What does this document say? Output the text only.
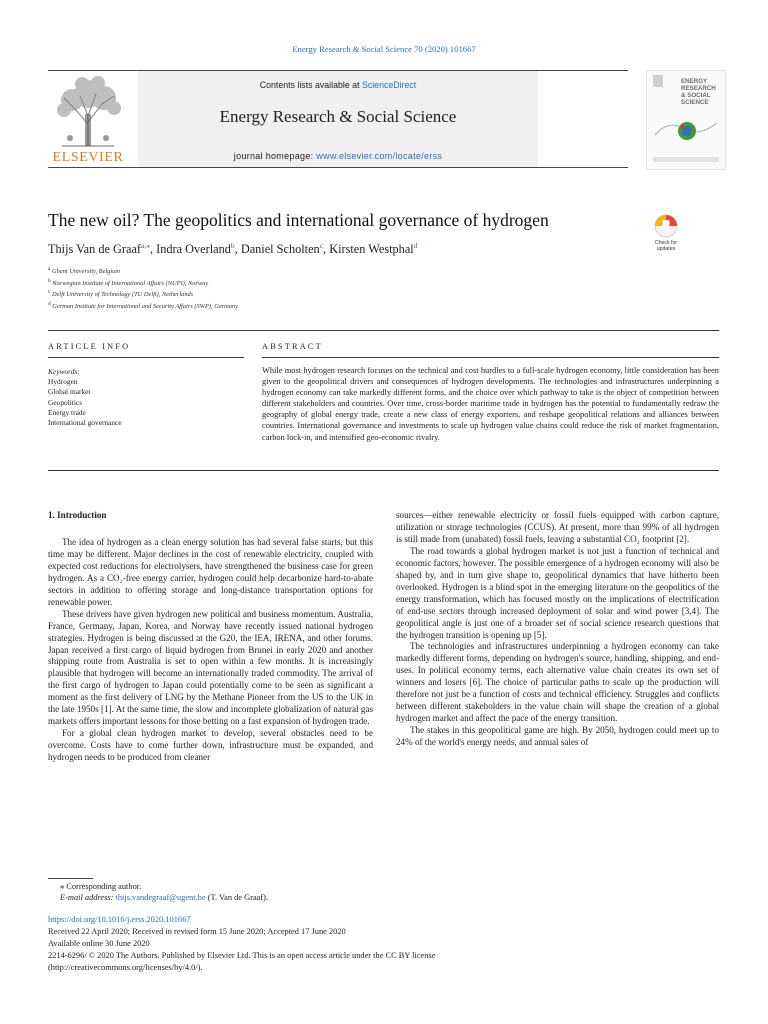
Energy Research & Social Science 70 (2020) 101667
ELSEVIER
Contents lists available at ScienceDirect
Energy Research & Social Science
journal homepage: www.elsevier.com/locate/erss
ENERGY
RESEARCH
& SOCIAL
SCIENCE
The new oil? The geopolitics and international governance of hydrogen
Check for
updates
Thijs Van de Graaf$^{a,⁎}$, Indra Overland$^b$, Daniel Scholten$^c$, Kirsten Westphal$^d$
$^a$ Ghent University, Belgium
$^b$ Norwegian Institute of International Affairs (NUPI), Norway
$^c$ Delft University of Technology (TU Delft), Netherlands
$^d$ German Institute for International and Security Affairs (SWP), Germany
ARTICLE INFO	ABSTRACT
Keywords:
Hydrogen
Global market
Geopolitics
Energy trade
International governance
While most hydrogen research focuses on the technical and cost hurdles to a full-scale hydrogen economy, little consideration has been given to the geopolitical drivers and consequences of hydrogen developments. The technologies and infrastructures underpinning a hydrogen economy can take markedly different forms, and the choice over which pathway to take is the object of competition between different stakeholders and countries. Over time, cross-border maritime trade in hydrogen has the potential to fundamentally redraw the geography of global energy trade, create a new class of energy exporters, and reshape geopolitical relations and alliances between countries. International governance and investments to scale up hydrogen value chains could reduce the risk of market fragmentation, carbon lock-in, and intensified geo-economic rivalry.

1. Introduction

The idea of hydrogen as a clean energy solution has had several false starts, but this time may be different. Major declines in the cost of renewable electricity, coupled with expected cost reductions for electrolysers, have strengthened the business case for green hydrogen. As a CO₂-free energy carrier, hydrogen could help decarbonize hard-to-abate sectors in addition to offering storage and long-distance transportation options for renewable power.

These drivers have given hydrogen new political and business momentum. Australia, France, Germany, Japan, Korea, and Norway have recently issued national hydrogen strategies. Hydrogen is being discussed at the G20, the IEA, IRENA, and other forums. Japan received a first cargo of liquid hydrogen from Brunei in early 2020 and another shipping route from Australia is set to open within a few months. It is increasingly plausible that hydrogen will become an internationally traded commodity. The arrival of the first cargo of hydrogen to Japan could potentially come to be seen as significant a moment as the first delivery of LNG by the Methane Pioneer from the US to the UK in the late 1950s [1]. At the same time, the slow and incomplete globalization of natural gas markets offers important lessons for those betting on a fast expansion of hydrogen trade.

For a global clean hydrogen market to develop, several obstacles need to be overcome. Costs have to come further down, infrastructure must be expanded, and hydrogen needs to be produced from cleaner

sources—either renewable electricity or fossil fuels equipped with carbon capture, utilization or storage technologies (CCUS). At present, more than 99% of all hydrogen is still made from (unabated) fossil fuels, leaving a substantial CO₂ footprint [2].

The road towards a global hydrogen market is not just a function of technical and economic factors, however. The possible emergence of a hydrogen economy will also be shaped by, and in turn give shape to, geopolitical dynamics that have hitherto been overlooked. Hydrogen is a blind spot in the emerging literature on the geopolitics of the energy transformation, which has focused mostly on the implications of electrification of end-use sectors through increased deployment of solar and wind power [3,4]. The geopolitical angle is just one of a broader set of social science research questions that the hydrogen transition is opening up [5].

The technologies and infrastructures underpinning a hydrogen economy can take markedly different forms, depending on hydrogen's source, handling, shipping, and end-uses. In political economy terms, each alternative value chain creates its own set of winners and losers [6]. The choice of particular paths to scale up the production will therefore not just be a function of costs and technical efficiency. Struggles and conflicts between different stakeholders in the value chain will shape the creation of a global hydrogen market and affect the pace of the energy transition.

The stakes in this geopolitical game are high. By 2050, hydrogen could meet up to 24% of the world's energy needs, and annual sales of

⁎ Corresponding author.
E-mail address: thijs.vandegraaf@ugent.be (T. Van de Graaf).
https://doi.org/10.1016/j.erss.2020.101667
Received 22 April 2020; Received in revised form 15 June 2020; Accepted 17 June 2020
Available online 30 June 2020
2214-6296/ © 2020 The Authors. Published by Elsevier Ltd. This is an open access article under the CC BY license
(http://creativecommons.org/licenses/by/4.0/).
